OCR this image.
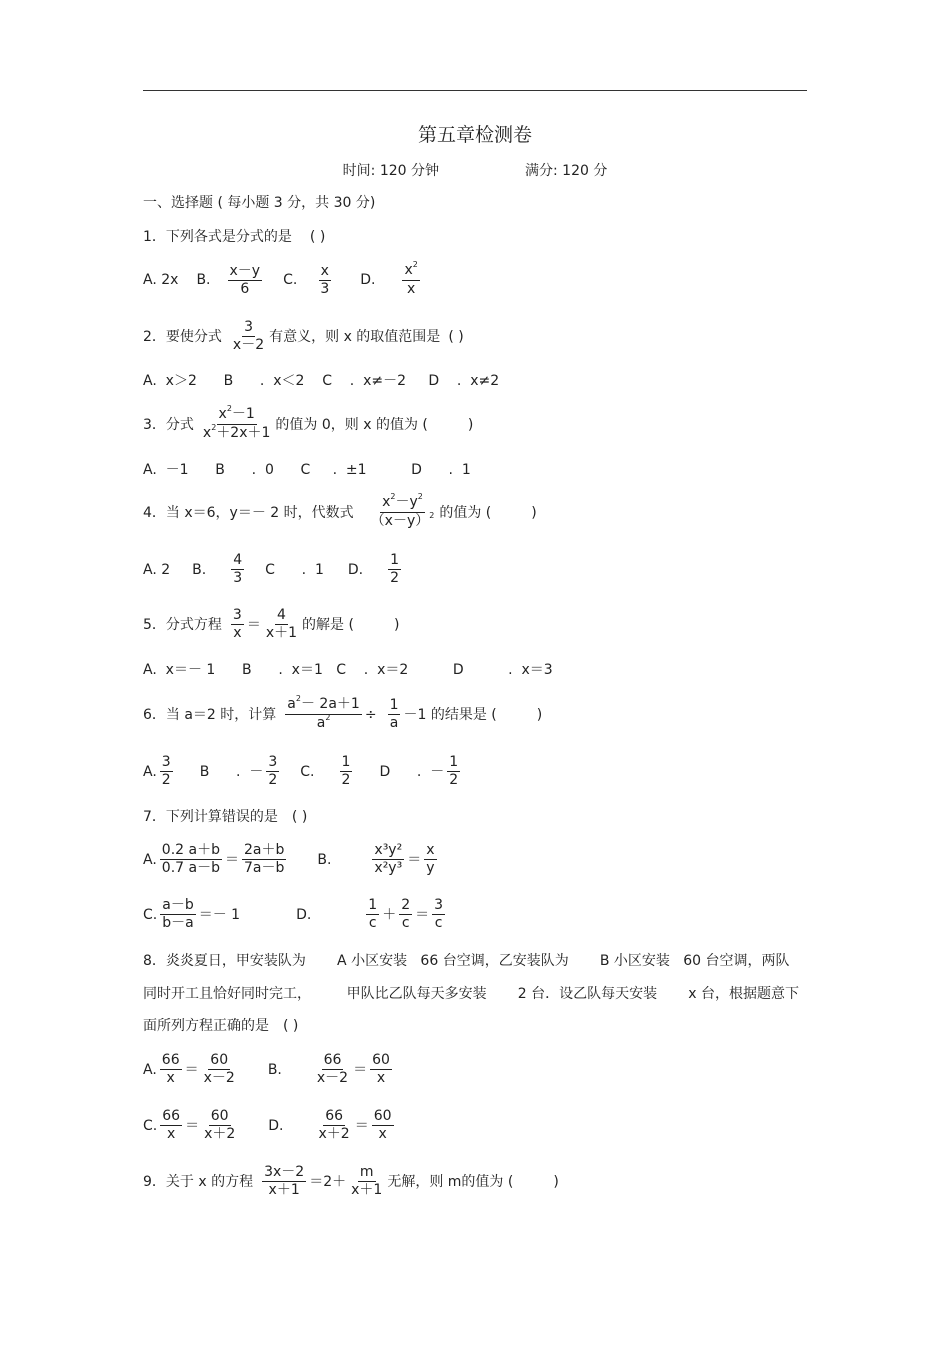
第五章检测卷
时间: 120 分钟	满分: 120 分
一、选择题 ( 每小题 3 分，共 30 分)
1．下列各式是分式的是 ( )
A. 2x B. $\frac{x-y}{6} C$. $\frac{x}{3} D$. $\frac{x^2}{x}$
2．要使分式 $\frac{3}{x-2}$ 有意义，则 x 的取值范围是 ( )
A.  x＞2      B      .  x＜2    C    .  x≠－2     D    .  x≠2
3．分式 $\frac{x^2-1}{x^2+2x+1}$ 的值为 0，则 x 的值为 (	)
A.  －1      B      .  0      C     .  ±1          D      .  1
4．当 x＝6，y＝－ 2 时，代数式 $\frac{x^2-y^2}{(x-y)^2}$ 的值为 (	)
A. 2 B. $\frac{4}{3}$ C      .  1 D. $\frac{1}{2}$
5．分式方程 $\frac{3}{x} = \frac{4}{x+1}$ 的解是 (	)
A.  x＝－ 1      B      .  x＝1   C    .  x＝2          D          .  x＝3
6．当 a＝2 时，计算 $\frac{a^2- 2a+1}{a^2} \div \frac{1}{a} -1$ 的结果是 (	)
A. $\frac{3}{2}$ B      .  － $\frac{3}{2} C$. $\frac{1}{2}$ D      .  － $\frac{1}{2}$
7．下列计算错误的是 ( )
A. $\frac{0.2 a+b}{0.7 a-b} = \frac{2a+b}{7a-b} B$.	$\frac{\text{x³y²}}{\text{x²y³}} = \frac{x}{y}$
C. $\frac{a-b}{b-a} =- 1$	D.	$\frac{1}{c} + \frac{2}{c} = \frac{3}{c}$
8．炎炎夏日，甲安装队为       A 小区安装   66 台空调，乙安装队为       B 小区安装   60 台空调，两队
同时开工且恰好同时完工，        甲队比乙队每天多安装       2 台．设乙队每天安装       x 台，根据题意下
面所列方程正确的是 ( )
A. $\frac{66}{x} = \frac{60}{x-2} B$. $\frac{66}{x-2} = \frac{60}{x}$
C. $\frac{66}{x} = \frac{60}{x+2} D$. $\frac{66}{x+2} = \frac{60}{x}$
9．关于 x 的方程 $\frac{3x-2}{x+1} =2+ \frac{m}{x+1}$ 无解，则 m的值为 (	)
